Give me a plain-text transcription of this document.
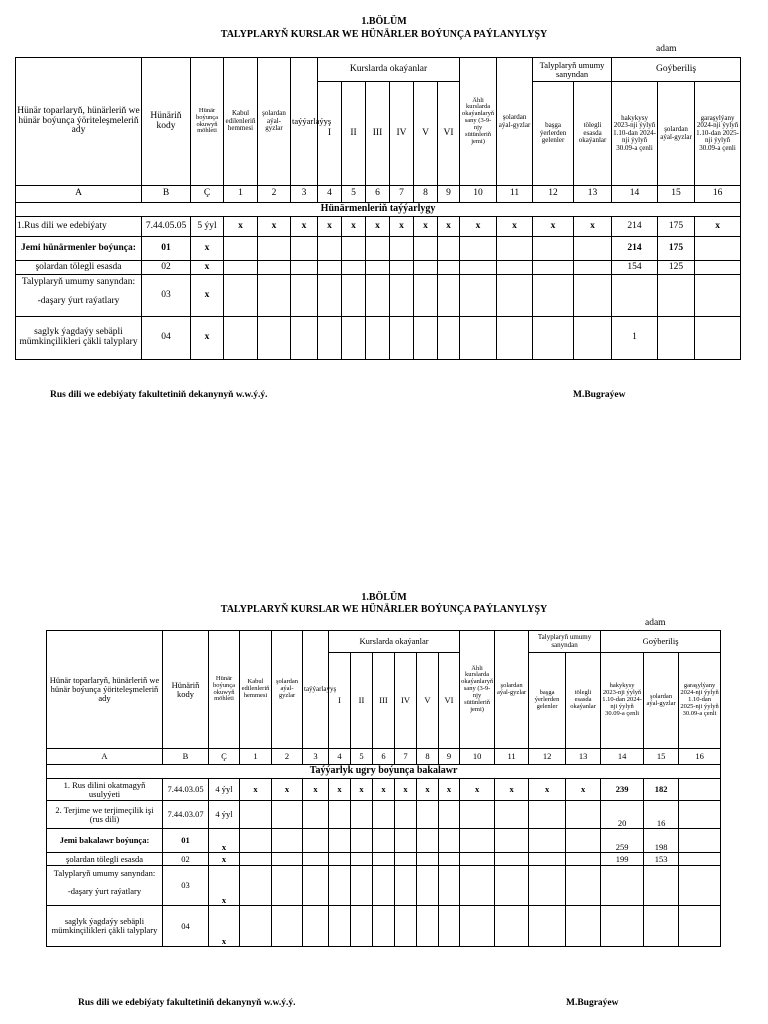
1.BÖLÜM
TALYPLARYŇ KURSLAR WE HÜNÄRLER BOÝUNÇA PAÝLANYLYŞY
adam
Hünär toparlaryň, hünärleriň we hünär boýunça ýöriteleşmeleriň ady	Hünäriň kody	Hünär boýunça okuwyň möhleti	Kabul edilenleriň hemmesi	şolardan aýal-gyzlar	taýýarlaýyş	Kurslarda okaýanlar						Ähli kurslarda okaýanlaryň sany (3-9-njy sütünleriň jemi)	şolardan aýal-gyzlar	Talyplaryň umumy sanyndan		Goýberiliş		
						I	II	III	IV	V	VI			başga ýerlerden gelenler	tölegli esasda okaýanlar	hakykysy 2023-nji ýylyň 1.10-dan 2024-nji ýylyň 30.09-a çenli	şolardan aýal-gyzlar	garaşylýany 2024-nji ýylyň 1.10-dan 2025-nji ýylyň 30.09-a çenli
A	B	Ç	1	2	3	4	5	6	7	8	9	10	11	12	13	14	15	16
Hünärmenleriň taýýarlygy																		
1.Rus dili we edebiýaty	7.44.05.05	5 ýyl	x	x	x	x	x	x	x	x	x	x	x	x	x	214	175	x
Jemi hünärmenler boýunça:	01	x														214	175	
şolardan tölegli esasda	02	x														154	125	

Talyplaryň umumy sanyndan:
-daşary ýurt raýatlary	03	x																
saglyk ýagdaýy sebäpli mümkinçilikleri çäkli talyplary	04	x														1		
Rus dili we edebiýaty fakultetiniň dekanynyň w.w.ý.ý.	M.Bugraýew
1.BÖLÜM
TALYPLARYŇ KURSLAR WE HÜNÄRLER BOÝUNÇA PAÝLANYLYŞY
adam
Hünär toparlaryň, hünärleriň we hünär boýunça ýöriteleşmeleriň ady	Hünäriň kody	Hünär boýunça okuwyň möhleti	Kabul edilenleriň hemmesi	şolardan aýal-gyzlar	taýýarlaýyş	Kurslarda okaýanlar						Ähli kurslarda okaýanlaryň sany (3-9-njy sütünleriň jemi)	şolardan aýal-gyzlar	Talyplaryň umumy sanyndan		Goýberiliş		
						I	II	III	IV	V	VI			başga ýerlerden gelenler	tölegli esasda okaýanlar	hakykysy 2023-nji ýylyň 1.10-dan 2024-nji ýylyň 30.09-a çenli	şolardan aýal-gyzlar	garaşylýany 2024-nji ýylyň 1.10-dan 2025-nji ýylyň 30.09-a çenli
A	B	Ç	1	2	3	4	5	6	7	8	9	10	11	12	13	14	15	16
Taýýarlyk ugry boýunça bakalawr																		
1. Rus dilini okatmagyň usulyýeti	7.44.03.05	4 ýyl	x	x	x	x	x	x	x	x	x	x	x	x	x	239	182	
2. Terjime we terjimeçilik işi (rus dili)	7.44.03.07	4 ýyl														20	16	
Jemi bakalawr boýunça:	01	x														259	198	
şolardan tölegli esasda	02	x														199	153	

Talyplaryň umumy sanyndan:
-daşary ýurt raýatlary	03	x																
saglyk ýagdaýy sebäpli mümkinçilikleri çäkli talyplary	04	x																
Rus dili we edebiýaty fakultetiniň dekanynyň w.w.ý.ý.	M.Bugraýew
